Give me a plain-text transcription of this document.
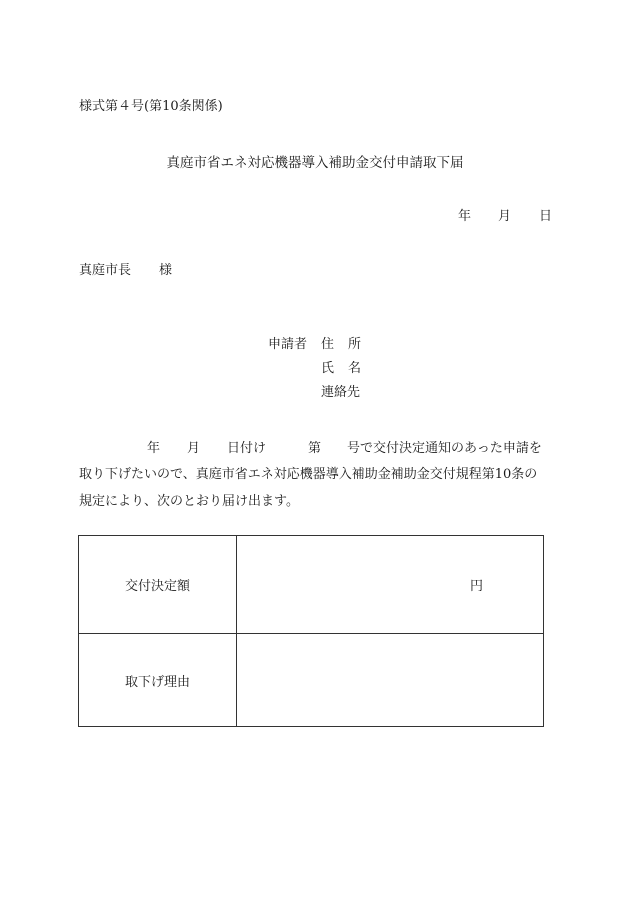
様式第４号(第10条関係)
真庭市省エネ対応機器導入補助金交付申請取下届
年 月 日
真庭市長 様
申請者 住所
氏名
連絡先
年 月 日付け	第 号で交付決定通知のあった申請を
取り下げたいので、真庭市省エネ対応機器導入補助金補助金交付規程第10条の
規定により、次のとおり届け出ます。
交付決定額	円

取下げ理由	
